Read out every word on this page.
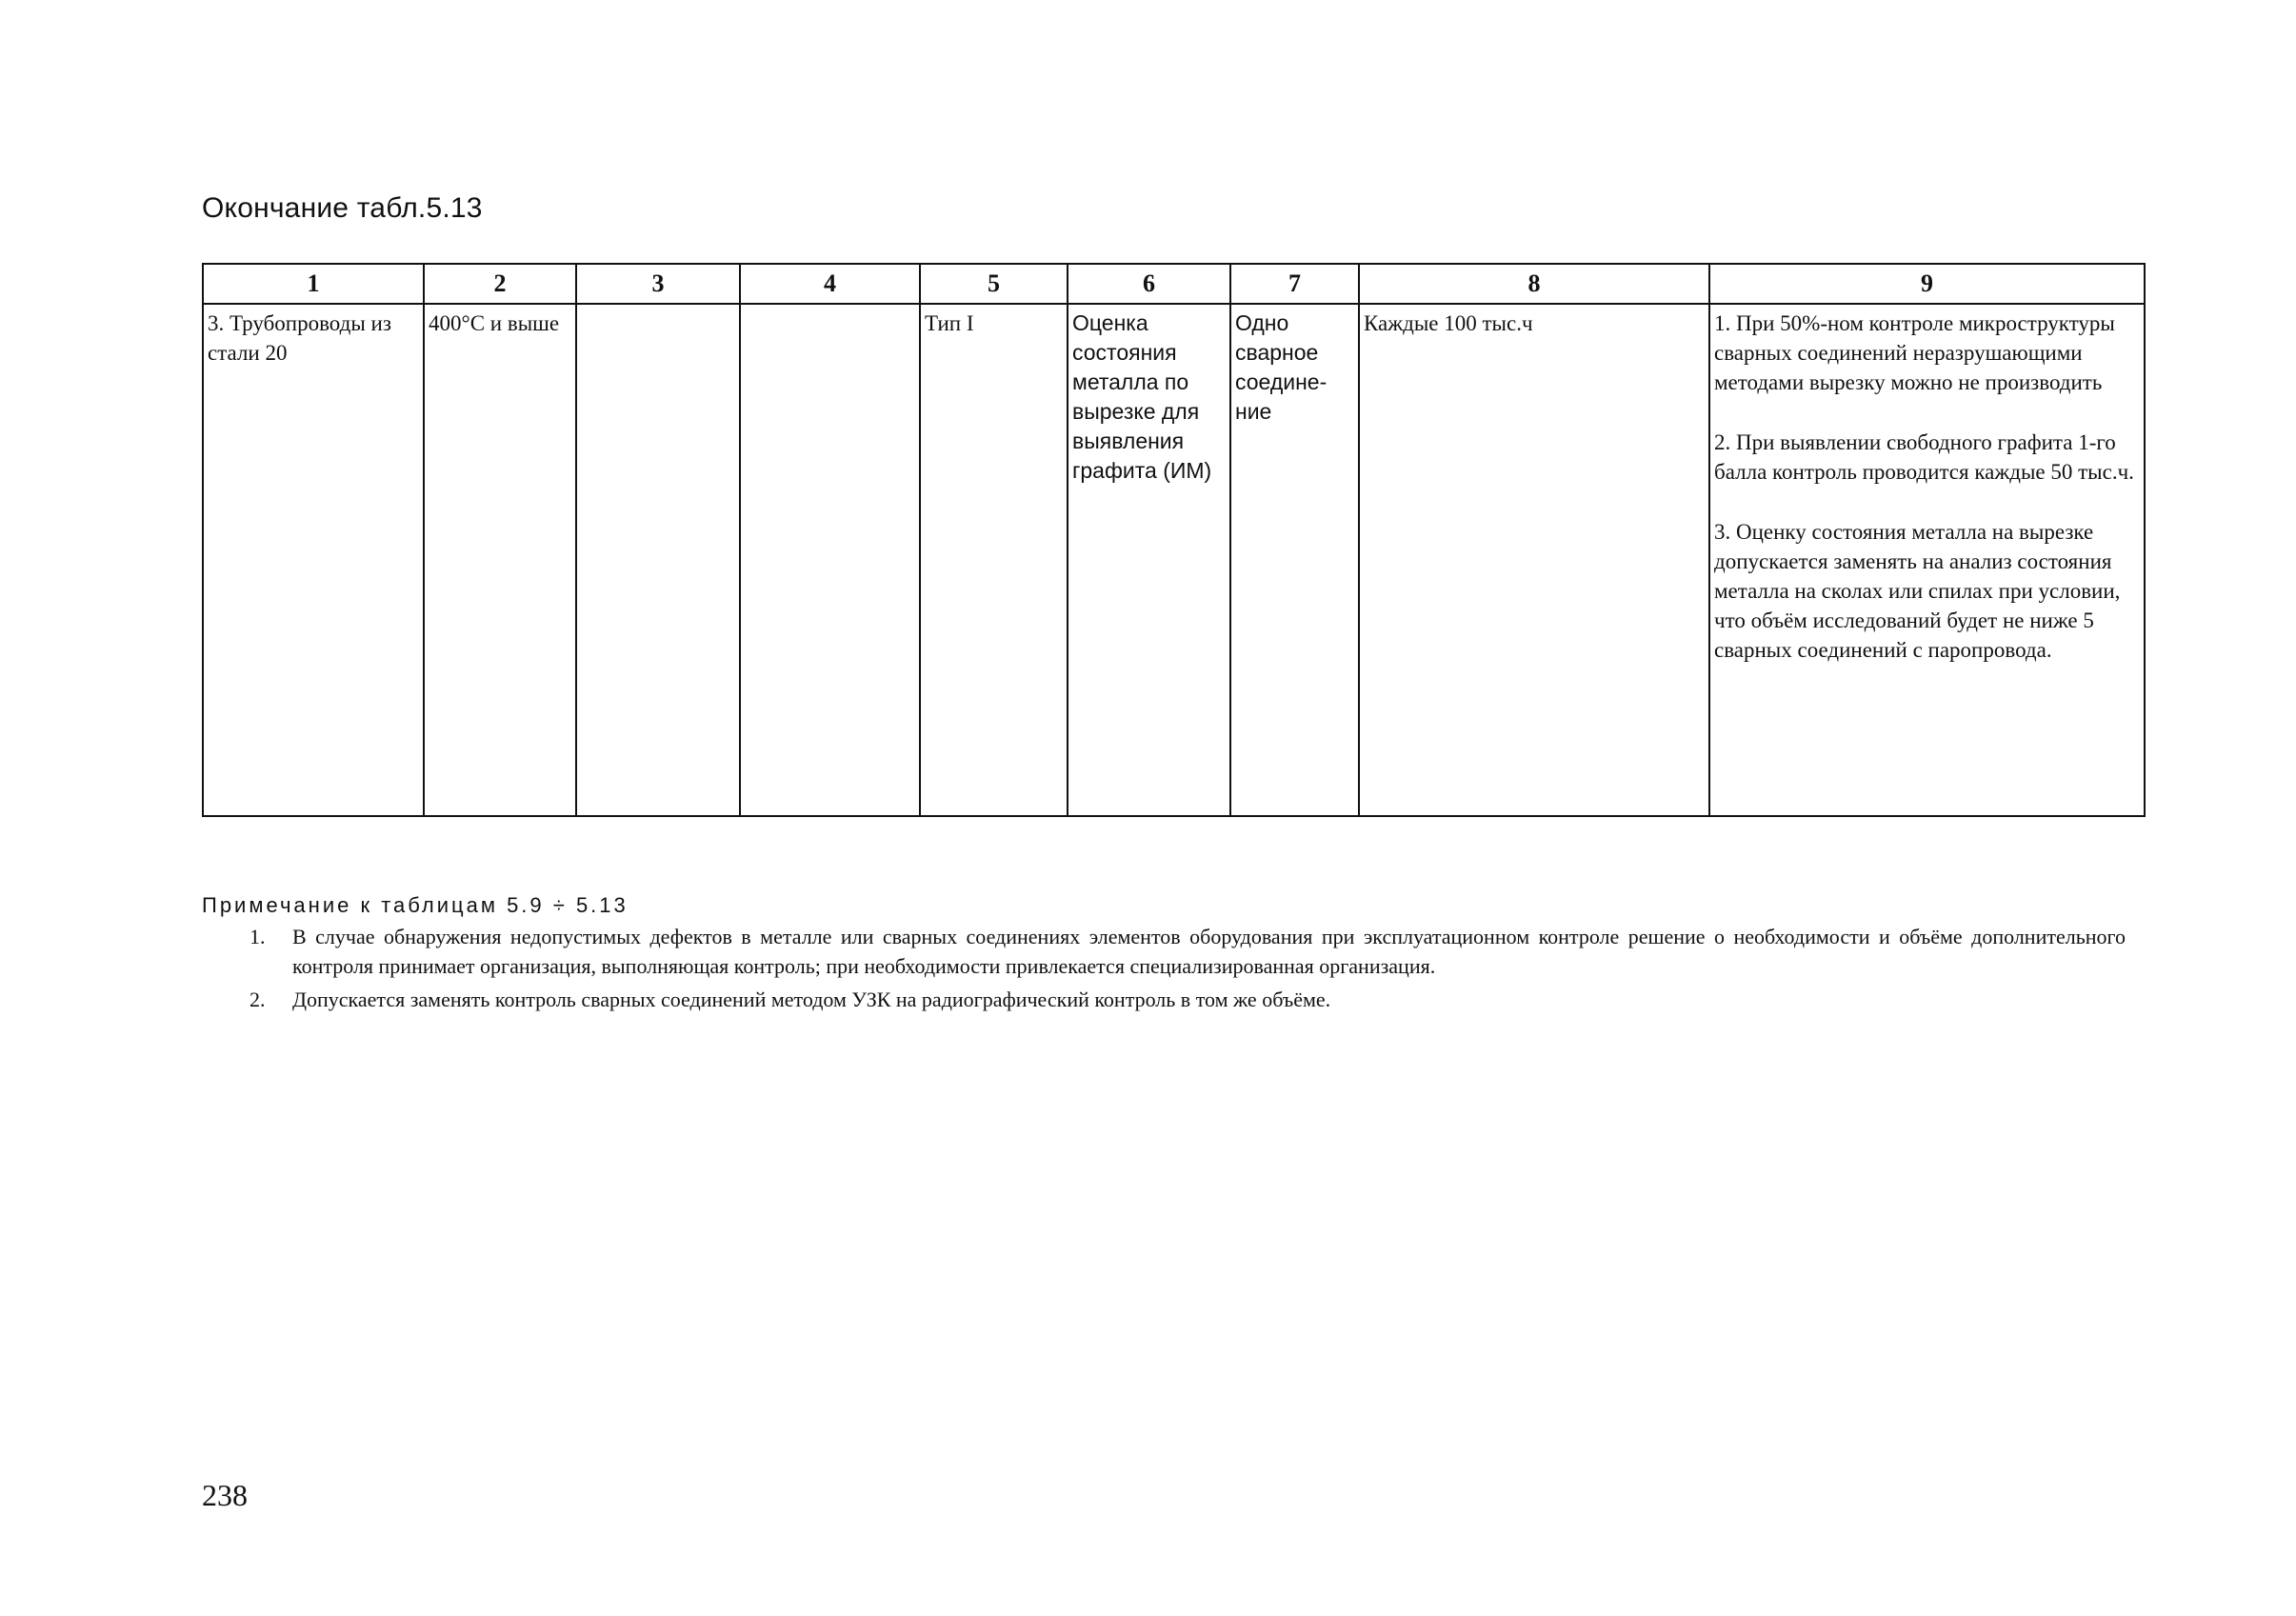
Окончание табл.5.13
1	2	3	4	5	6	7	8	9
3. Трубопроводы из стали 20	400°С и выше			Тип I	Оценка состояния металла по вырезке для выявления графита (ИМ)	Одно сварное соедине-ние	Каждые 100 тыс.ч	1. При 50%-ном контроле микроструктуры сварных соединений неразрушающими методами вырезку можно не производить

2. При выявлении свободного графита 1-го балла контроль проводится каждые 50 тыс.ч.

3. Оценку состояния металла на вырезке допускается заменять на анализ состояния металла на сколах или спилах при условии, что объём исследований будет не ниже 5 сварных соединений с паропровода.

Примечание к таблицам 5.9 ÷ 5.13
1. В случае обнаружения недопустимых дефектов в металле или сварных соединениях элементов оборудования при эксплуатационном контроле решение о необходимости и объёме дополнительного контроля принимает организация, выполняющая контроль; при необходимости привлекается специализированная организация.
2. Допускается заменять контроль сварных соединений методом УЗК на радиографический контроль в том же объёме.
238
